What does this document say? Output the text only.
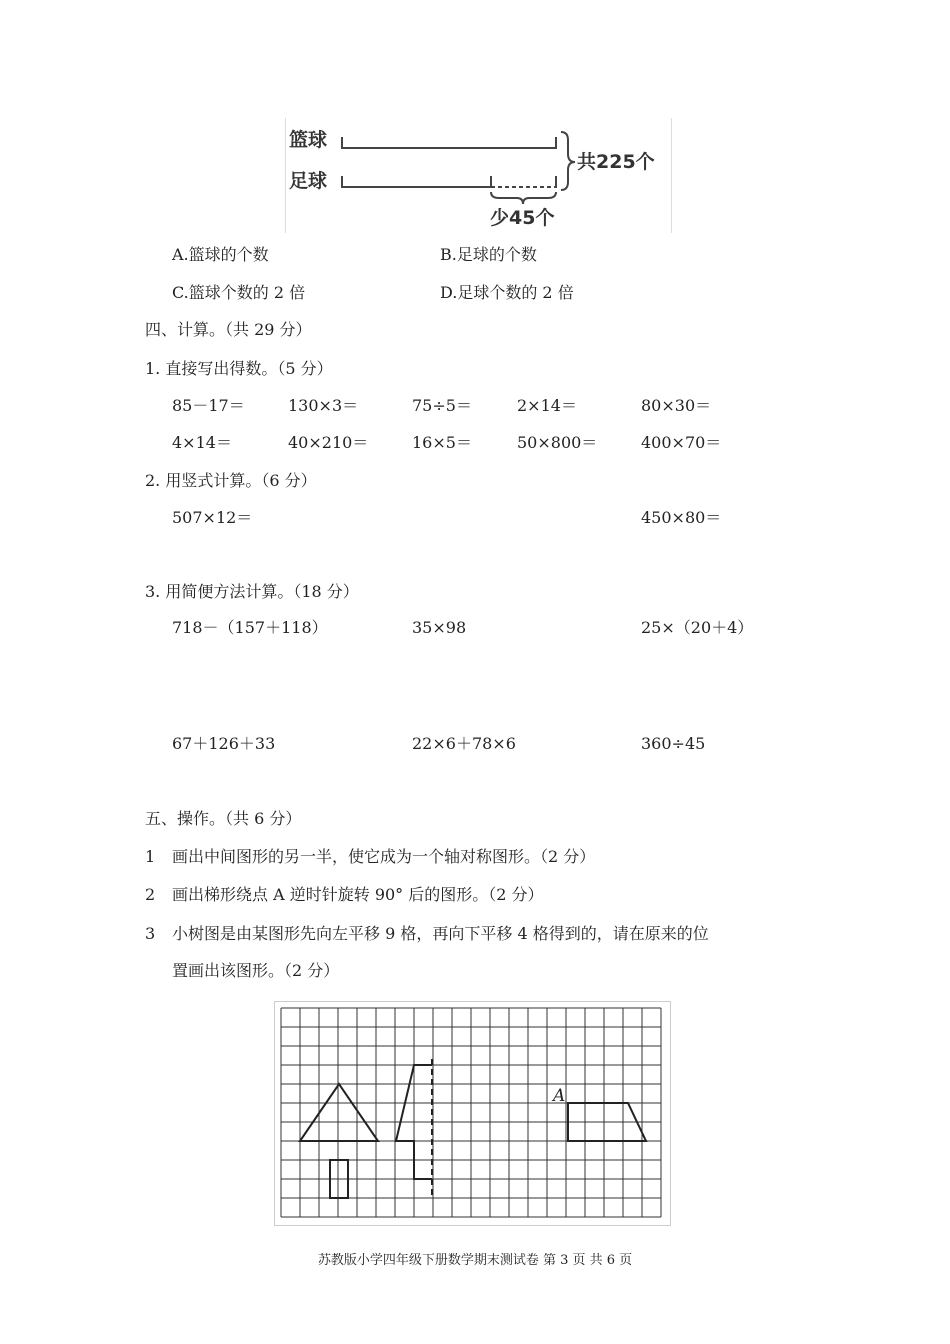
篮球
足球
共225个
少45个
A.篮球的个数	B.足球的个数
C.篮球个数的 2 倍	D.足球个数的 2 倍
四、计算。（共 29 分）
1. 直接写出得数。（5 分）
85－17＝	130×3＝	75÷5＝	2×14＝	80×30＝
4×14＝	40×210＝	16×5＝	50×800＝	400×70＝
2. 用竖式计算。（6 分）
507×12＝	450×80＝
3. 用简便方法计算。（18 分）
718－（157＋118）	35×98	25×（20＋4）
67＋126＋33	22×6＋78×6	360÷45
五、操作。（共 6 分）
1 画出中间图形的另一半，使它成为一个轴对称图形。（2 分）
2 画出梯形绕点 A 逆时针旋转 90° 后的图形。（2 分）
3 小树图是由某图形先向左平移 9 格，再向下平移 4 格得到的，请在原来的位
置画出该图形。（2 分）
A
苏教版小学四年级下册数学期末测试卷 第 3 页 共 6 页
